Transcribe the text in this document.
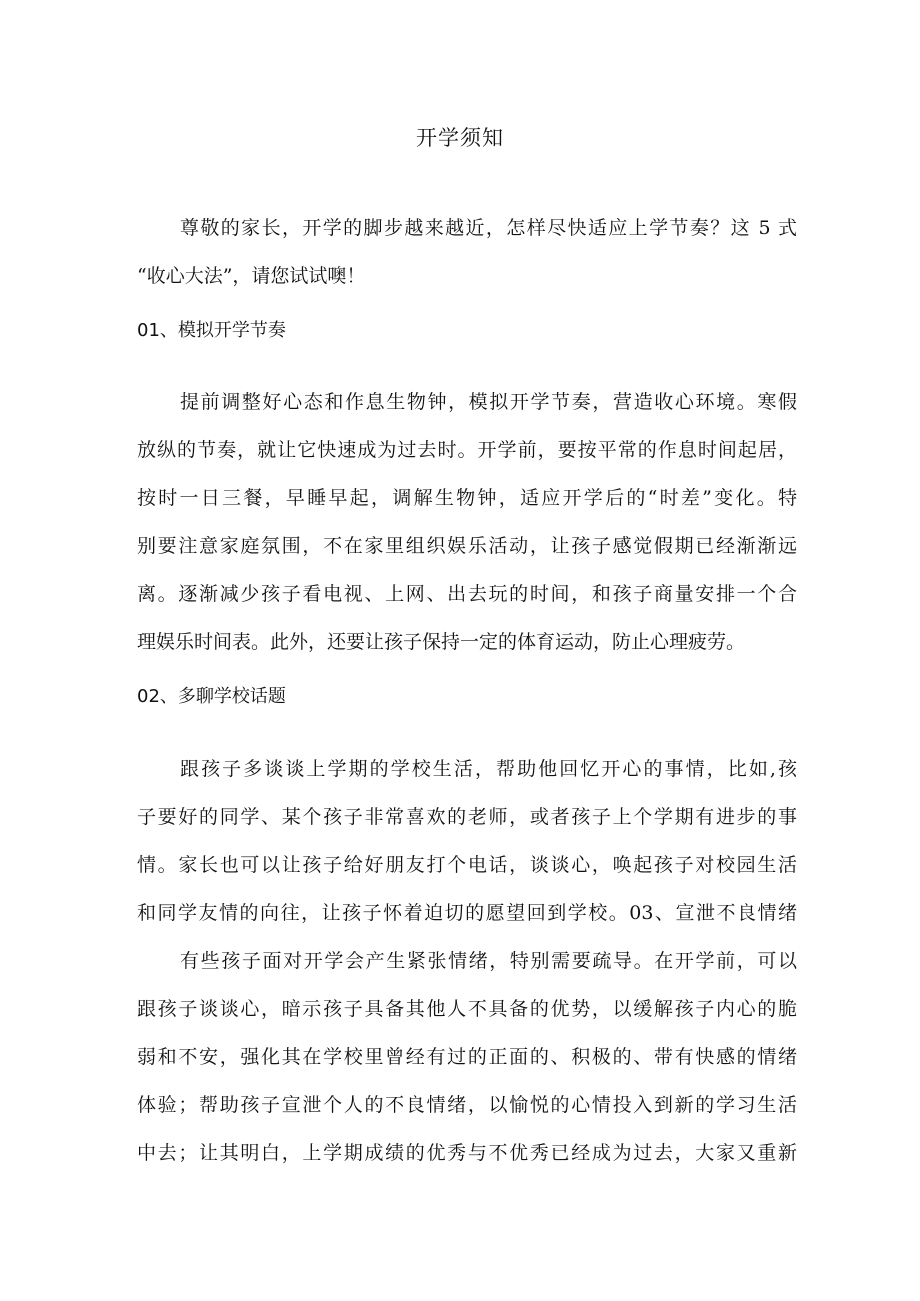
开学须知
尊敬的家长，开学的脚步越来越近，怎样尽快适应上学节奏？这 5 式
“收心大法”，请您试试噢！
01、模拟开学节奏
提前调整好心态和作息生物钟，模拟开学节奏，营造收心环境。寒假
放纵的节奏，就让它快速成为过去时。开学前，要按平常的作息时间起居，
按时一日三餐，早睡早起，调解生物钟，适应开学后的“时差”变化。特
别要注意家庭氛围，不在家里组织娱乐活动，让孩子感觉假期已经渐渐远
离。逐渐减少孩子看电视、上网、出去玩的时间，和孩子商量安排一个合
理娱乐时间表。此外，还要让孩子保持一定的体育运动，防止心理疲劳。
02、多聊学校话题
跟孩子多谈谈上学期的学校生活，帮助他回忆开心的事情，比如,孩
子要好的同学、某个孩子非常喜欢的老师，或者孩子上个学期有进步的事
情。家长也可以让孩子给好朋友打个电话，谈谈心，唤起孩子对校园生活
和同学友情的向往，让孩子怀着迫切的愿望回到学校。03、宣泄不良情绪
有些孩子面对开学会产生紧张情绪，特别需要疏导。在开学前，可以
跟孩子谈谈心，暗示孩子具备其他人不具备的优势，以缓解孩子内心的脆
弱和不安，强化其在学校里曾经有过的正面的、积极的、带有快感的情绪
体验；帮助孩子宣泄个人的不良情绪，以愉悦的心情投入到新的学习生活
中去；让其明白，上学期成绩的优秀与不优秀已经成为过去，大家又重新
